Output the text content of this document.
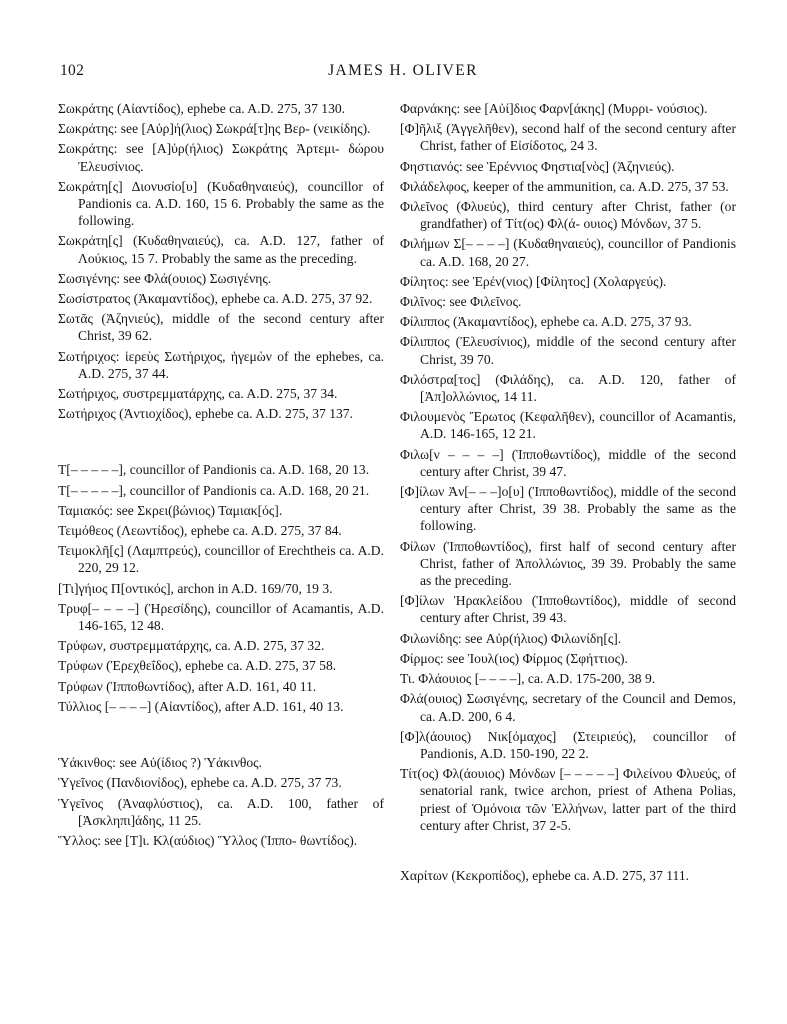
102	JAMES H. OLIVER

Σωκράτης (Αἰαντίδος), ephebe ca. A.D. 275, 37 130.

Σωκράτης: see [Αὐρ]ή(λιος) Σωκρά[τ]ης Βερ- (νεικίδης).

Σωκράτης: see [Α]ὐρ(ήλιος) Σωκράτης Ἀρτεμι- δώρου Ἐλευσίνιος.

Σωκράτη[ς] Διονυσίο[υ] (Κυδαθηναιεύς), councillor of Pandionis ca. A.D. 160, 15 6. Probably the same as the following.

Σωκράτη[ς] (Κυδαθηναιεύς), ca. A.D. 127, father of Λούκιος, 15 7. Probably the same as the preceding.

Σωσιγένης: see Φλά(ουιος) Σωσιγένης.

Σωσίστρατος (Ἀκαμαντίδος), ephebe ca. A.D. 275, 37 92.

Σωτᾶς (Ἀζηνιεύς), middle of the second century after Christ, 39 62.

Σωτήριχος: ἱερεὺς Σωτήριχος, ἡγεμὼν of the ephebes, ca. A.D. 275, 37 44.

Σωτήριχος, συστρεμματάρχης, ca. A.D. 275, 37 34.

Σωτήριχος (Ἀντιοχίδος), ephebe ca. A.D. 275, 37 137.

Τ[– – – – –], councillor of Pandionis ca. A.D. 168, 20 13.

Τ[– – – – –], councillor of Pandionis ca. A.D. 168, 20 21.

Ταμιακός: see Σκρει(βώνιος) Ταμιακ[ός].

Τειμόθεος (Λεωντίδος), ephebe ca. A.D. 275, 37 84.

Τειμοκλῆ[ς] (Λαμπτρεύς), councillor of Erechtheis ca. A.D. 220, 29 12.

[Τι]γήιος Π[οντικός], archon in A.D. 169/70, 19 3.

Τρυφ[– – – –] (Ἠρεσίδης), councillor of Acamantis, A.D. 146-165, 12 48.

Τρύφων, συστρεμματάρχης, ca. A.D. 275, 37 32.

Τρύφων (Ἐρεχθεΐδος), ephebe ca. A.D. 275, 37 58.

Τρύφων (Ἱπποθωντίδος), after A.D. 161, 40 11.

Τύλλιος [– – – –] (Αἰαντίδος), after A.D. 161, 40 13.

Ὑάκινθος: see Αὐ(ίδιος ?) Ὑάκινθος.

Ὑγεῖνος (Πανδιονίδος), ephebe ca. A.D. 275, 37 73.

Ὑγεῖνος (Ἀναφλύστιος), ca. A.D. 100, father of [Ἀσκληπι]άδης, 11 25.

Ὕλλος: see [Τ]ι. Κλ(αύδιος) Ὕλλος (Ἱππο- θωντίδος).

Φαρνάκης: see [Αὐί]διος Φαρν[άκης] (Μυρρι- νούσιος).

[Φ]ῆλιξ (Ἀγγελῆθεν), second half of the second century after Christ, father of Εἰσίδοτος, 24 3.

Φηστιανός: see Ἑρέννιος Φηστια[νὸς] (Ἀζηνιεύς).

Φιλάδελφος, keeper of the ammunition, ca. A.D. 275, 37 53.

Φιλεῖνος (Φλυεύς), third century after Christ, father (or grandfather) of Τίτ(ος) Φλ(ά- ουιος) Μόνδων, 37 5.

Φιλήμων Σ[– – – –] (Κυδαθηναιεύς), councillor of Pandionis ca. A.D. 168, 20 27.

Φίλητος: see Ἐρέν(νιος) [Φίλητος] (Χολαργεύς).

Φιλῖνος: see Φιλεῖνος.

Φίλιππος (Ἀκαμαντίδος), ephebe ca. A.D. 275, 37 93.

Φίλιππος (Ἐλευσίνιος), middle of the second century after Christ, 39 70.

Φιλόστρα[τος] (Φιλάδης), ca. A.D. 120, father of [Ἀπ]ολλώνιος, 14 11.

Φιλουμενὸς Ἔρωτος (Κεφαλῆθεν), councillor of Acamantis, A.D. 146-165, 12 21.

Φιλω[ν – – – –] (Ἱπποθωντίδος), middle of the second century after Christ, 39 47.

[Φ]ίλων Ἀν[– – –]ο[υ] (Ἱπποθωντίδος), middle of the second century after Christ, 39 38. Probably the same as the following.

Φίλων (Ἱπποθωντίδος), first half of second century after Christ, father of Ἀπολλώνιος, 39 39. Probably the same as the preceding.

[Φ]ίλων Ἡρακλείδου (Ἱπποθωντίδος), middle of second century after Christ, 39 43.

Φιλωνίδης: see Αὐρ(ήλιος) Φιλωνίδη[ς].

Φίρμος: see Ἰουλ(ιος) Φίρμος (Σφήττιος).

Τι. Φλάουιος [– – – –], ca. A.D. 175-200, 38 9.

Φλά(ουιος) Σωσιγένης, secretary of the Council and Demos, ca. A.D. 200, 6 4.

[Φ]λ(άουιος) Νικ[όμαχος] (Στειριεύς), councillor of Pandionis, A.D. 150-190, 22 2.

Τίτ(ος) Φλ(άουιος) Μόνδων [– – – – –] Φιλείνου Φλυεύς, of senatorial rank, twice archon, priest of Athena Polias, priest of Ὁμόνοια τῶν Ἑλλήνων, latter part of the third century after Christ, 37 2-5.

Χαρίτων (Κεκροπίδος), ephebe ca. A.D. 275, 37 111.
